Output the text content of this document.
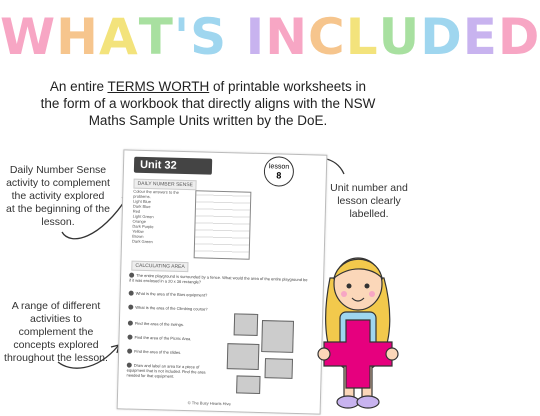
WHAT'S INCLUDED
An entire TERMS WORTH of printable worksheets in the form of a workbook that directly aligns with the NSW Maths Sample Units written by the DoE.
Daily Number Sense activity to complement the activity explored at the beginning of the lesson.
A range of different activities to complement the concepts explored throughout the lesson.
Unit number and lesson clearly labelled.
Unit 32	lesson
8
DAILY NUMBER SENSE
Colour the answers to the problems.
Light Blue
Dark Blue
Red
Light Green
Orange
Dark Purple
Yellow
Brown
Dark Green
CALCULATING AREA
The entire playground is surrounded by a fence. What would the area of the entire playground be if it was enclosed in a 20 x 36 rectangle?
What is the area of the Bars equipment?
What is the area of the Climbing course?
Find the area of the swings.
Find the area of the Picnic Area.
Find the area of the slides.
Draw and label an area for a piece of equipment that is not included. Find the area needed for that equipment.
© The Busy Hearts Hive
